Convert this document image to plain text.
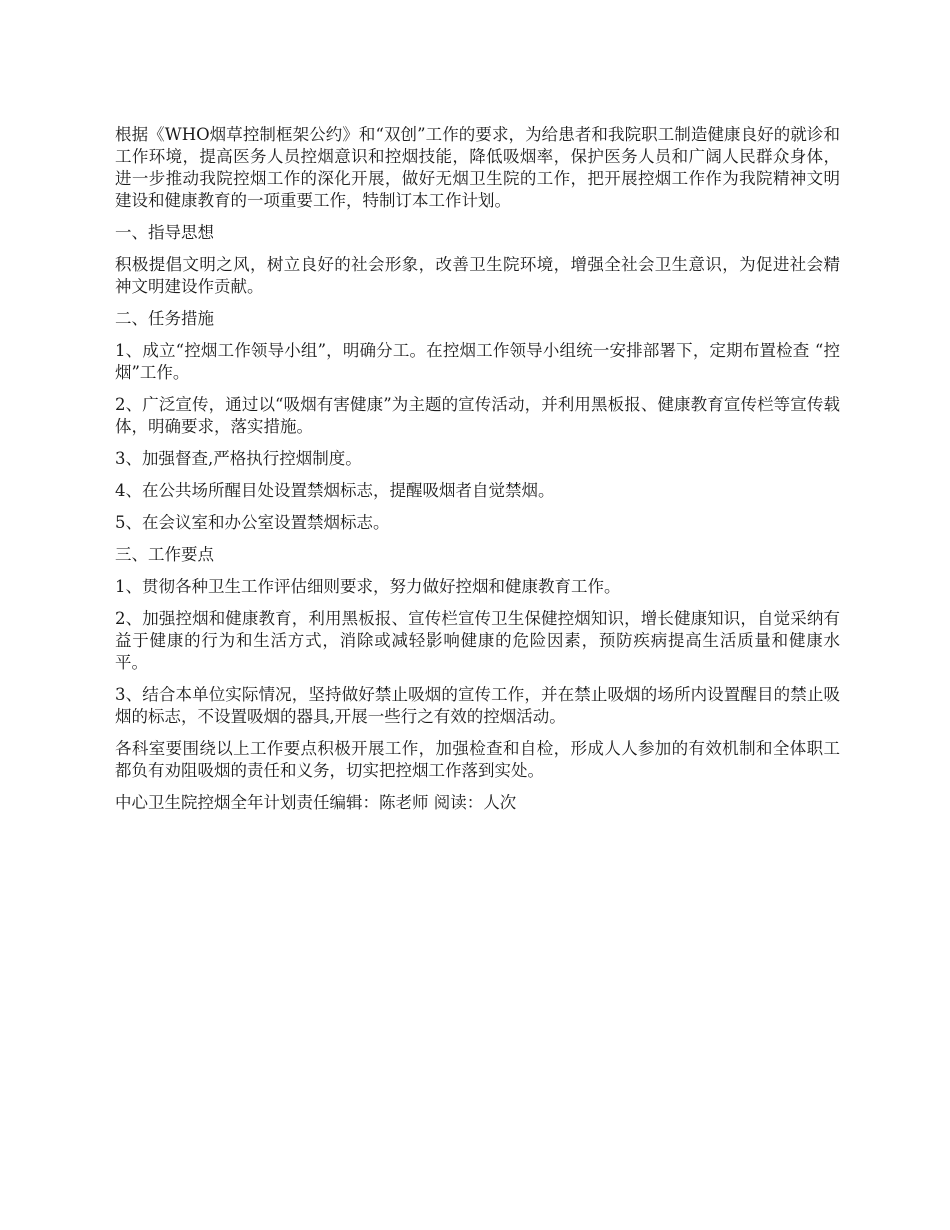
根据《WHO烟草控制框架公约》和“双创”工作的要求，为给患者和我院职工制造健康良好的就诊和工作环境，提高医务人员控烟意识和控烟技能，降低吸烟率，保护医务人员和广阔人民群众身体，进一步推动我院控烟工作的深化开展，做好无烟卫生院的工作，把开展控烟工作作为我院精神文明建设和健康教育的一项重要工作，特制订本工作计划。

一、指导思想

积极提倡文明之风，树立良好的社会形象，改善卫生院环境，增强全社会卫生意识，为促进社会精神文明建设作贡献。

二、任务措施

1、成立“控烟工作领导小组”，明确分工。在控烟工作领导小组统一安排部署下，定期布置检查 “控烟”工作。

2、广泛宣传，通过以“吸烟有害健康”为主题的宣传活动，并利用黑板报、健康教育宣传栏等宣传载体，明确要求，落实措施。

3、加强督查,严格执行控烟制度。

4、在公共场所醒目处设置禁烟标志，提醒吸烟者自觉禁烟。

5、在会议室和办公室设置禁烟标志。

三、工作要点

1、贯彻各种卫生工作评估细则要求，努力做好控烟和健康教育工作。

2、加强控烟和健康教育，利用黑板报、宣传栏宣传卫生保健控烟知识，增长健康知识，自觉采纳有益于健康的行为和生活方式，消除或减轻影响健康的危险因素，预防疾病提高生活质量和健康水平。

3、结合本单位实际情况，坚持做好禁止吸烟的宣传工作，并在禁止吸烟的场所内设置醒目的禁止吸烟的标志，不设置吸烟的器具,开展一些行之有效的控烟活动。

各科室要围绕以上工作要点积极开展工作，加强检查和自检，形成人人参加的有效机制和全体职工都负有劝阻吸烟的责任和义务，切实把控烟工作落到实处。

中心卫生院控烟全年计划责任编辑：陈老师 阅读：人次
